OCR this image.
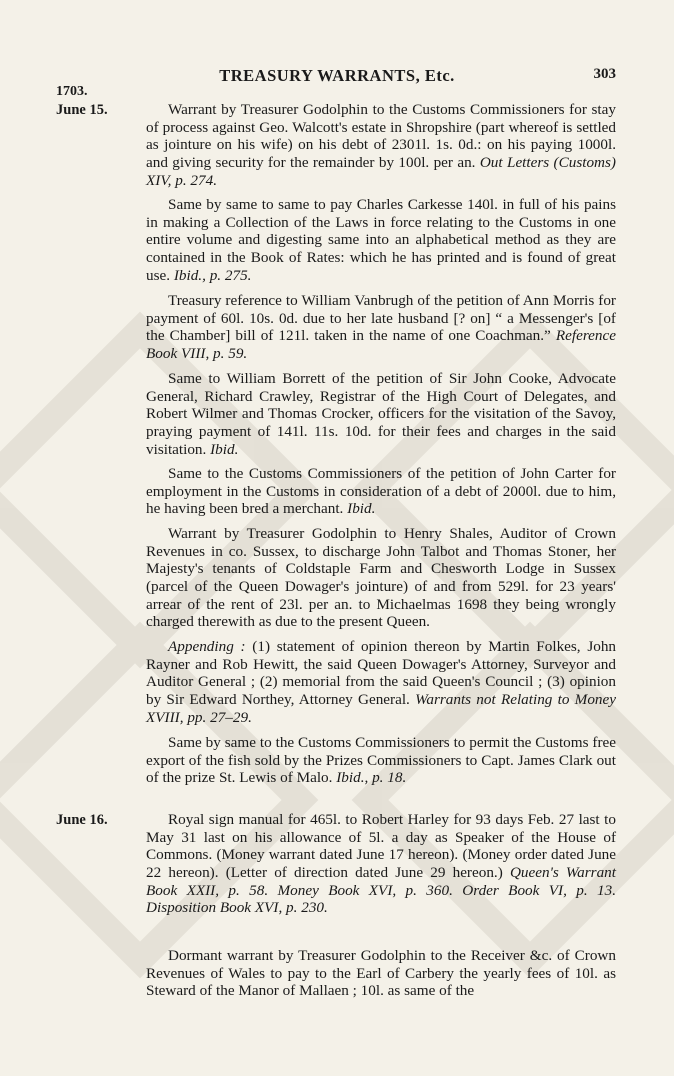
TREASURY WARRANTS, Etc.	303
1703.
June 15.
June 16.

Warrant by Treasurer Godolphin to the Customs Commissioners for stay of process against Geo. Walcott's estate in Shropshire (part whereof is settled as jointure on his wife) on his debt of 2301l. 1s. 0d.: on his paying 1000l. and giving security for the remainder by 100l. per an. Out Letters (Customs) XIV, p. 274.

Same by same to same to pay Charles Carkesse 140l. in full of his pains in making a Collection of the Laws in force relating to the Customs in one entire volume and digesting same into an alphabetical method as they are contained in the Book of Rates: which he has printed and is found of great use. Ibid., p. 275.

Treasury reference to William Vanbrugh of the petition of Ann Morris for payment of 60l. 10s. 0d. due to her late husband [? on] “ a Messenger's [of the Chamber] bill of 121l. taken in the name of one Coachman.” Reference Book VIII, p. 59.

Same to William Borrett of the petition of Sir John Cooke, Advocate General, Richard Crawley, Registrar of the High Court of Delegates, and Robert Wilmer and Thomas Crocker, officers for the visitation of the Savoy, praying payment of 141l. 11s. 10d. for their fees and charges in the said visitation. Ibid.

Same to the Customs Commissioners of the petition of John Carter for employment in the Customs in consideration of a debt of 2000l. due to him, he having been bred a merchant. Ibid.

Warrant by Treasurer Godolphin to Henry Shales, Auditor of Crown Revenues in co. Sussex, to discharge John Talbot and Thomas Stoner, her Majesty's tenants of Coldstaple Farm and Chesworth Lodge in Sussex (parcel of the Queen Dowager's jointure) of and from 529l. for 23 years' arrear of the rent of 23l. per an. to Michaelmas 1698 they being wrongly charged therewith as due to the present Queen.

Appending : (1) statement of opinion thereon by Martin Folkes, John Rayner and Rob Hewitt, the said Queen Dowager's Attorney, Surveyor and Auditor General ; (2) memorial from the said Queen's Council ; (3) opinion by Sir Edward Northey, Attorney General. Warrants not Relating to Money XVIII, pp. 27–29.

Same by same to the Customs Commissioners to permit the Customs free export of the fish sold by the Prizes Commissioners to Capt. James Clark out of the prize St. Lewis of Malo. Ibid., p. 18.

Royal sign manual for 465l. to Robert Harley for 93 days Feb. 27 last to May 31 last on his allowance of 5l. a day as Speaker of the House of Commons. (Money warrant dated June 17 hereon). (Money order dated June 22 hereon). (Letter of direction dated June 29 hereon.) Queen's Warrant Book XXII, p. 58. Money Book XVI, p. 360. Order Book VI, p. 13. Disposition Book XVI, p. 230.

Dormant warrant by Treasurer Godolphin to the Receiver &c. of Crown Revenues of Wales to pay to the Earl of Carbery the yearly fees of 10l. as Steward of the Manor of Mallaen ; 10l. as same of the
